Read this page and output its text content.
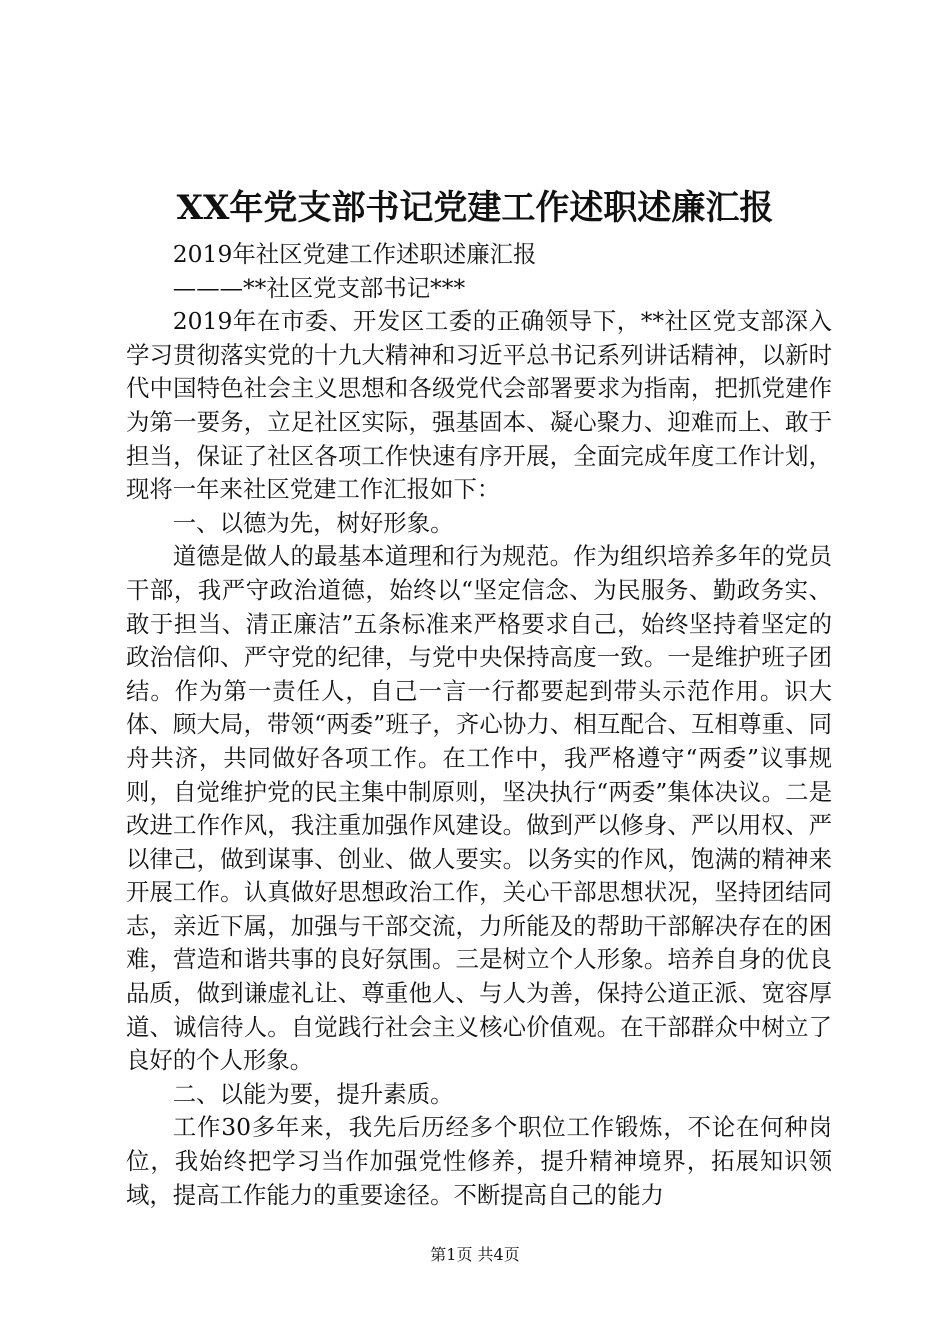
XX年党支部书记党建工作述职述廉汇报

2019年社区党建工作述职述廉汇报

———**社区党支部书记***

2019年在市委、开发区工委的正确领导下，**社区党支部深入学习贯彻落实党的十九大精神和习近平总书记系列讲话精神，以新时代中国特色社会主义思想和各级党代会部署要求为指南，把抓党建作为第一要务，立足社区实际，强基固本、凝心聚力、迎难而上、敢于担当，保证了社区各项工作快速有序开展，全面完成年度工作计划，现将一年来社区党建工作汇报如下：

一、以德为先，树好形象。

道德是做人的最基本道理和行为规范。作为组织培养多年的党员干部，我严守政治道德，始终以“坚定信念、为民服务、勤政务实、敢于担当、清正廉洁”五条标准来严格要求自己，始终坚持着坚定的政治信仰、严守党的纪律，与党中央保持高度一致。一是维护班子团结。作为第一责任人，自己一言一行都要起到带头示范作用。识大体、顾大局，带领“两委”班子，齐心协力、相互配合、互相尊重、同舟共济，共同做好各项工作。在工作中，我严格遵守“两委”议事规则，自觉维护党的民主集中制原则，坚决执行“两委”集体决议。二是改进工作作风，我注重加强作风建设。做到严以修身、严以用权、严以律己，做到谋事、创业、做人要实。以务实的作风，饱满的精神来开展工作。认真做好思想政治工作，关心干部思想状况，坚持团结同志，亲近下属，加强与干部交流，力所能及的帮助干部解决存在的困难，营造和谐共事的良好氛围。三是树立个人形象。培养自身的优良品质，做到谦虚礼让、尊重他人、与人为善，保持公道正派、宽容厚道、诚信待人。自觉践行社会主义核心价值观。在干部群众中树立了良好的个人形象。

二、以能为要，提升素质。

工作30多年来，我先后历经多个职位工作锻炼，不论在何种岗位，我始终把学习当作加强党性修养，提升精神境界，拓展知识领域，提高工作能力的重要途径。不断提高自己的能力

第1页 共4页
